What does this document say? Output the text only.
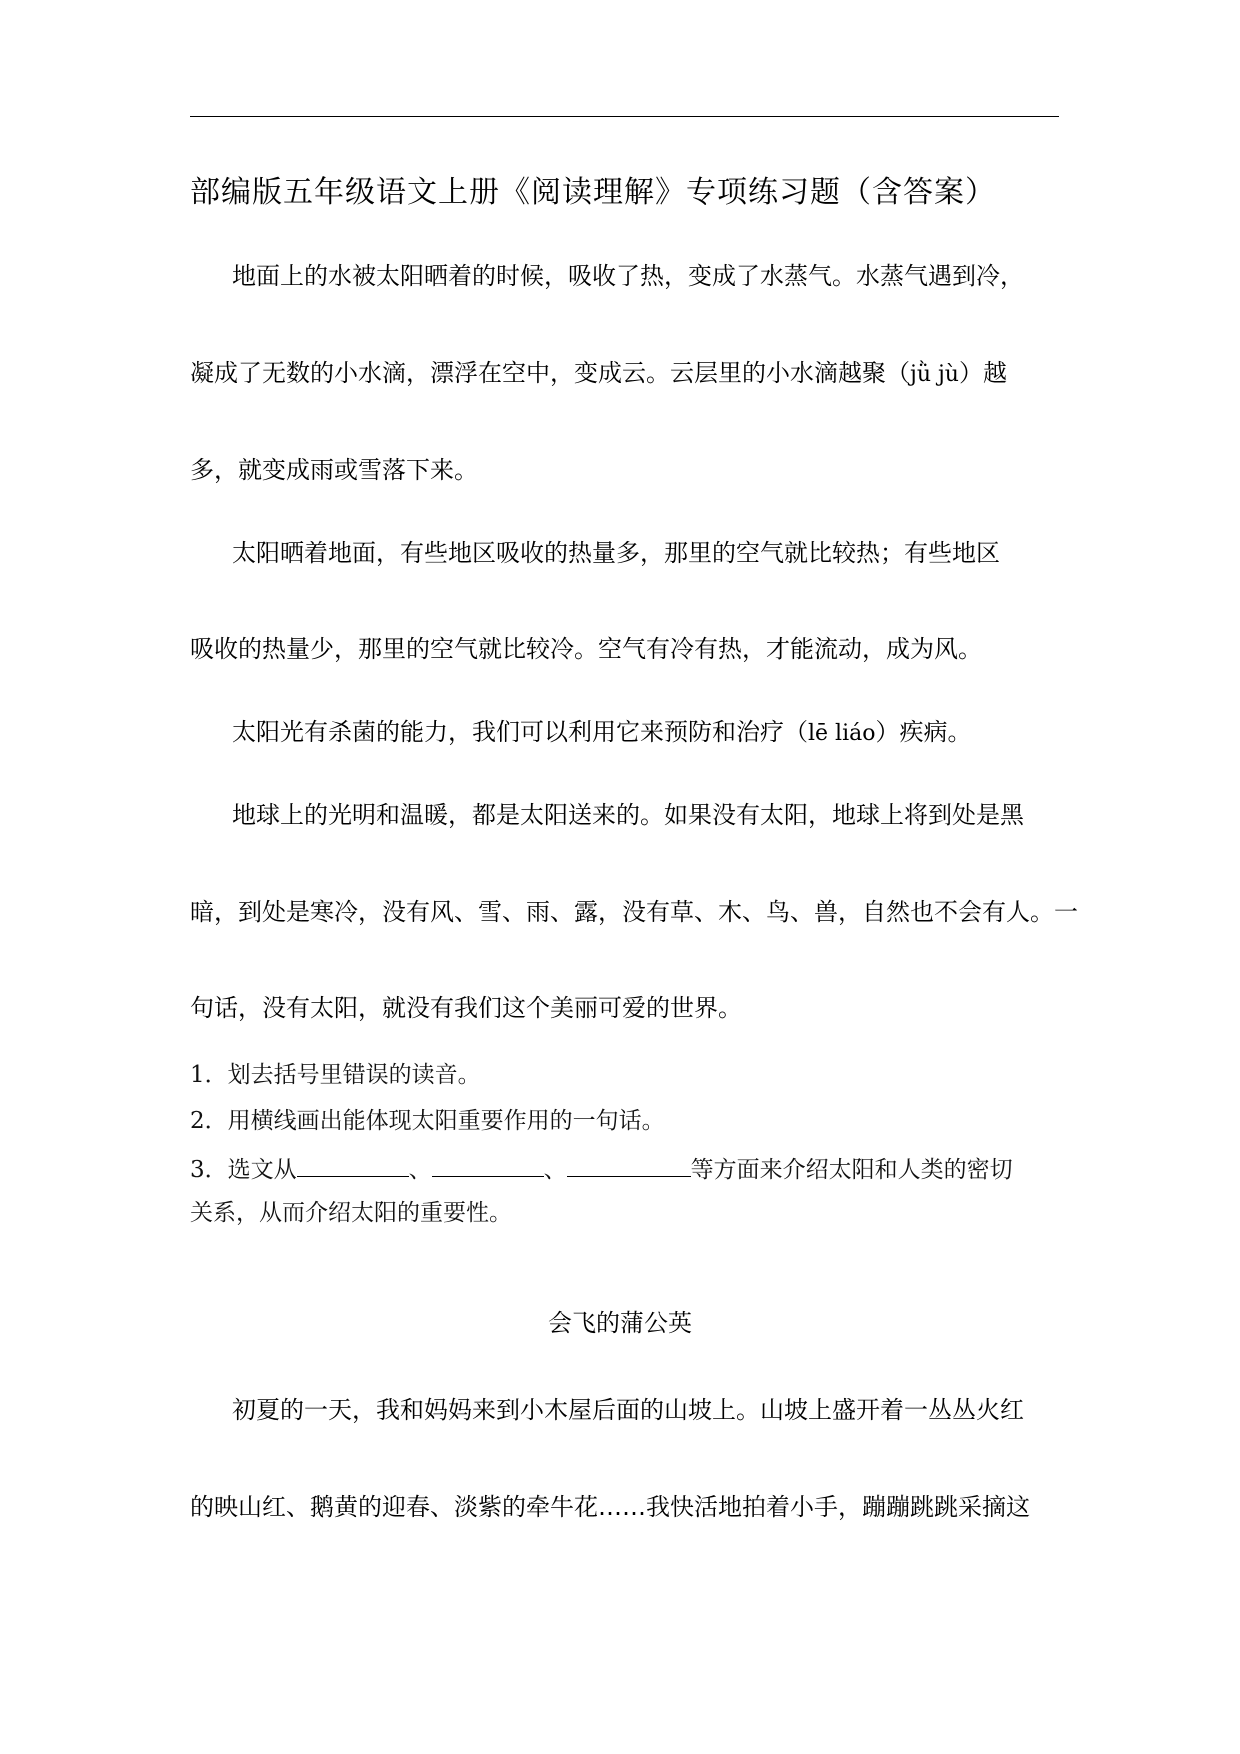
部编版五年级语文上册《阅读理解》专项练习题（含答案）
地面上的水被太阳晒着的时候，吸收了热，变成了水蒸气。水蒸气遇到冷，
凝成了无数的小水滴，漂浮在空中，变成云。云层里的小水滴越聚（jǜ jù）越
多，就变成雨或雪落下来。
太阳晒着地面，有些地区吸收的热量多，那里的空气就比较热；有些地区
吸收的热量少，那里的空气就比较冷。空气有冷有热，才能流动，成为风。
太阳光有杀菌的能力，我们可以利用它来预防和治疗（lē liáo）疾病。
地球上的光明和温暖，都是太阳送来的。如果没有太阳，地球上将到处是黑
暗，到处是寒冷，没有风、雪、雨、露，没有草、木、鸟、兽，自然也不会有人。一
句话，没有太阳，就没有我们这个美丽可爱的世界。
1．划去括号里错误的读音。
2．用横线画出能体现太阳重要作用的一句话。
3．选文从	、	、	等方面来介绍太阳和人类的密切
关系，从而介绍太阳的重要性。
会飞的蒲公英
初夏的一天，我和妈妈来到小木屋后面的山坡上。山坡上盛开着一丛丛火红
的映山红、鹅黄的迎春、淡紫的牵牛花……我快活地拍着小手，蹦蹦跳跳采摘这
